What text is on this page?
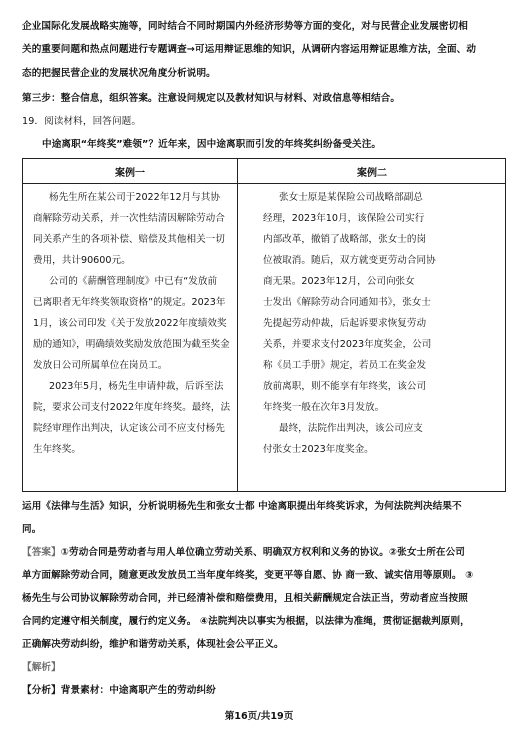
企业国际化发展战略实施等，同时结合不同时期国内外经济形势等方面的变化，对与民营企业发展密切相
关的重要问题和热点问题进行专题调查→可运用辩证思维的知识，从调研内容运用辩证思维方法，全面、动
态的把握民营企业的发展状况角度分析说明。
第三步：整合信息，组织答案。注意设问规定以及教材知识与材料、对政信息等相结合。
19．阅读材料，回答问题。
中途离职“年终奖”难领”？近年来，因中途离职而引发的年终奖纠纷备受关注。
案例一	案例二
杨先生所在某公司于2022年12月与其协
商解除劳动关系，并一次性结清因解除劳动合
同关系产生的各项补偿、赔偿及其他相关一切
费用，共计90600元。
公司的《薪酬管理制度》中已有“发放前
已离职者无年终奖领取资格”的规定。2023年
1月，该公司印发《关于发放2022年度绩效奖
励的通知》，明确绩效奖励发放范围为截至奖金
发放日公司所属单位在岗员工。
2023年5月，杨先生申请仲裁，后诉至法
院，要求公司支付2022年度年终奖。最终，法
院经审理作出判决，认定该公司不应支付杨先
生年终奖。
张女士原是某保险公司战略部副总
经理，2023年10月，该保险公司实行
内部改革，撤销了战略部，张女士的岗
位被取消。随后，双方就变更劳动合同协
商无果。2023年12月，公司向张女
士发出《解除劳动合同通知书》，张女士
先提起劳动仲裁，后起诉要求恢复劳动
关系，并要求支付2023年度奖金，公司
称《员工手册》规定，若员工在奖金发
放前离职，则不能享有年终奖，该公司
年终奖一般在次年3月发放。
最终，法院作出判决，该公司应支
付张女士2023年度奖金。
运用《法律与生活》知识，分析说明杨先生和张女士都 中途离职提出年终奖诉求，为何法院判决结果不
同。
【答案】①劳动合同是劳动者与用人单位确立劳动关系、明确双方权利和义务的协议。②张女士所在公司
单方面解除劳动合同，随意更改发放员工当年度年终奖，变更平等自愿、协 商一致、诚实信用等原则。 ③
杨先生与公司协议解除劳动合同，并已经清补偿和赔偿费用，且相关薪酬规定合法正当，劳动者应当按照
合同约定遵守相关制度，履行约定义务。 ④法院判决以事实为根据，以法律为准绳，贯彻证据裁判原则，
正确解决劳动纠纷，维护和谐劳动关系，体现社会公平正义。
【解析】
【分析】背景素材：中途离职产生的劳动纠纷
第16页/共19页
